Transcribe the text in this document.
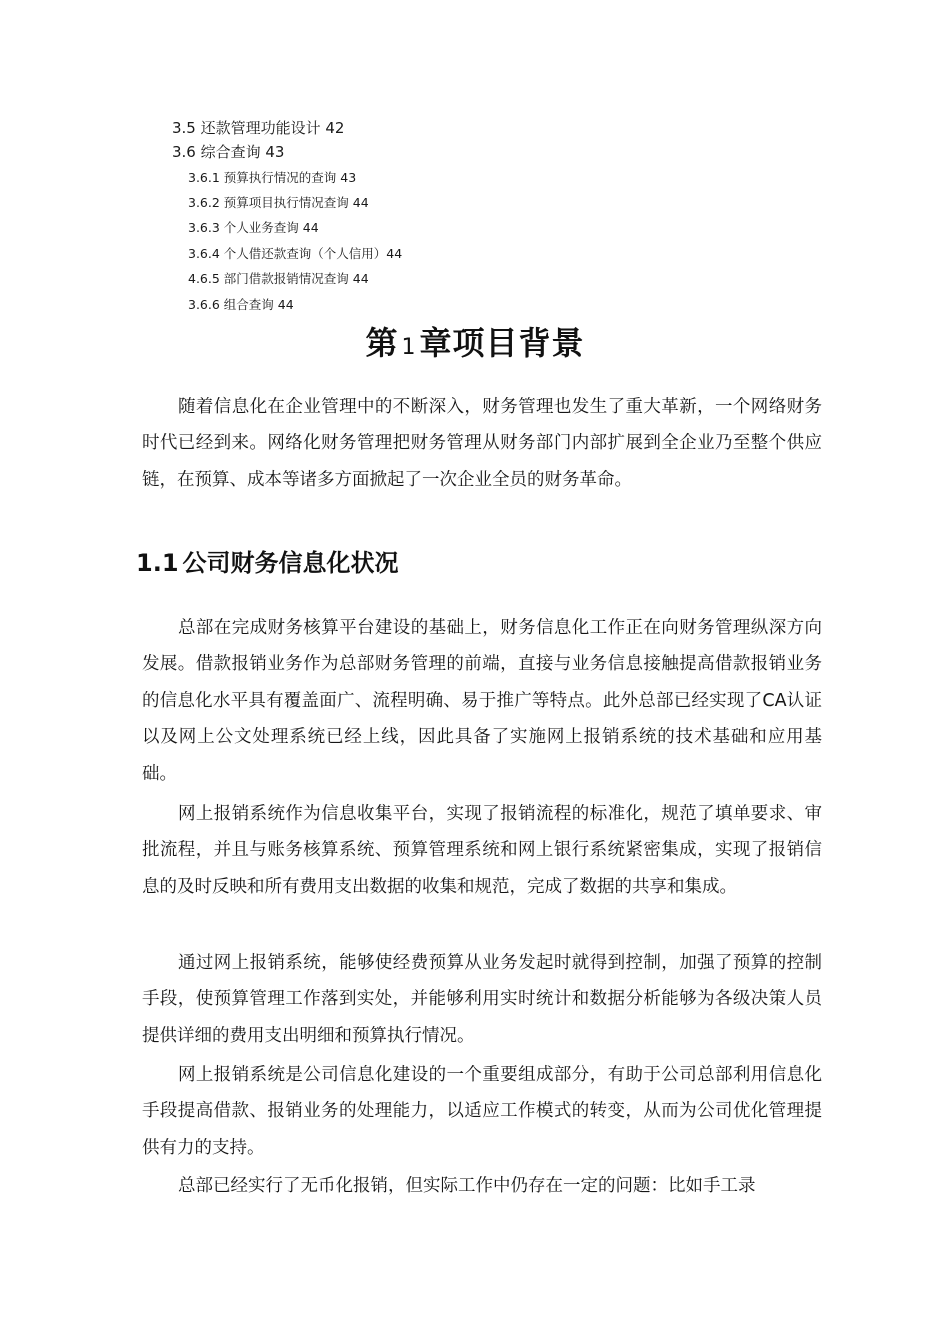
3.5 还款管理功能设计 42
3.6 综合查询 43
3.6.1 预算执行情况的查询 43
3.6.2 预算项目执行情况查询 44
3.6.3 个人业务查询 44
3.6.4 个人借还款查询（个人信用）44
4.6.5 部门借款报销情况查询 44
3.6.6 组合查询 44
第 1章项目背景

随着信息化在企业管理中的不断深入，财务管理也发生了重大革新，一个网络财务时代已经到来。网络化财务管理把财务管理从财务部门内部扩展到全企业乃至整个供应链，在预算、成本等诸多方面掀起了一次企业全员的财务革命。

1.1 公司财务信息化状况

总部在完成财务核算平台建设的基础上，财务信息化工作正在向财务管理纵深方向发展。借款报销业务作为总部财务管理的前端，直接与业务信息接触提高借款报销业务的信息化水平具有覆盖面广、流程明确、易于推广等特点。此外总部已经实现了CA认证以及网上公文处理系统已经上线，因此具备了实施网上报销系统的技术基础和应用基础。

网上报销系统作为信息收集平台，实现了报销流程的标准化，规范了填单要求、审批流程，并且与账务核算系统、预算管理系统和网上银行系统紧密集成，实现了报销信息的及时反映和所有费用支出数据的收集和规范，完成了数据的共享和集成。

通过网上报销系统，能够使经费预算从业务发起时就得到控制，加强了预算的控制手段，使预算管理工作落到实处，并能够利用实时统计和数据分析能够为各级决策人员提供详细的费用支出明细和预算执行情况。

网上报销系统是公司信息化建设的一个重要组成部分，有助于公司总部利用信息化手段提高借款、报销业务的处理能力，以适应工作模式的转变，从而为公司优化管理提供有力的支持。

总部已经实行了无币化报销，但实际工作中仍存在一定的问题：比如手工录
